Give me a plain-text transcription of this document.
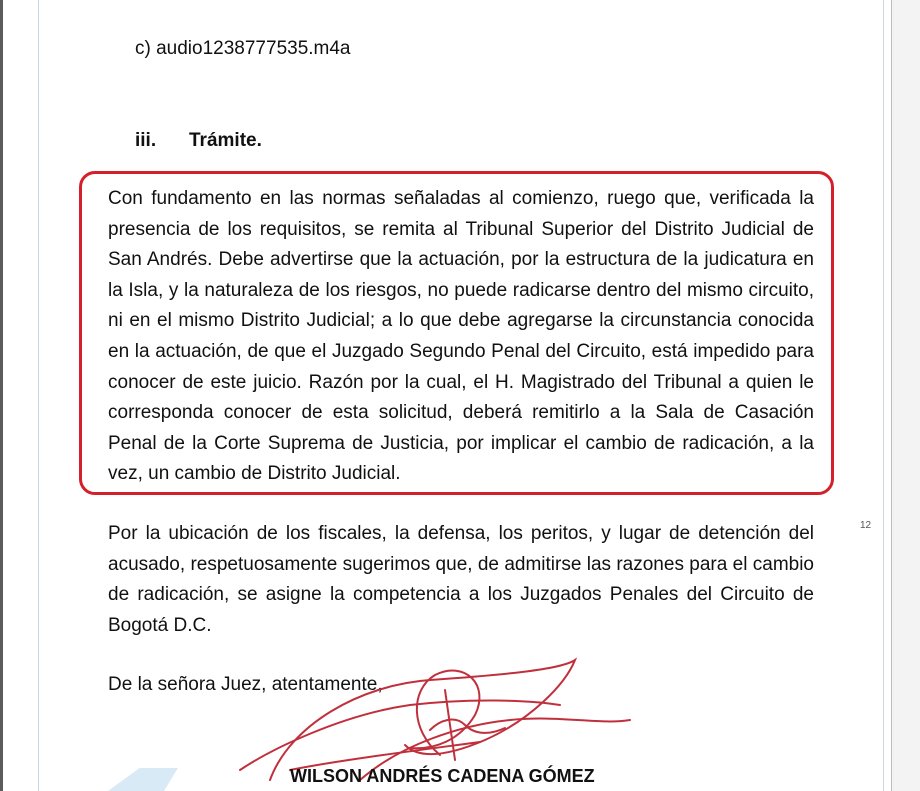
c) audio1238777535.m4a
iii. Trámite.

Con fundamento en las normas señaladas al comienzo, ruego que, verificada la presencia de los requisitos, se remita al Tribunal Superior del Distrito Judicial de San Andrés. Debe advertirse que la actuación, por la estructura de la judicatura en la Isla, y la naturaleza de los riesgos, no puede radicarse dentro del mismo circuito, ni en el mismo Distrito Judicial; a lo que debe agregarse la circunstancia conocida en la actuación, de que el Juzgado Segundo Penal del Circuito, está impedido para conocer de este juicio. Razón por la cual, el H. Magistrado del Tribunal a quien le corresponda conocer de esta solicitud, deberá remitirlo a la Sala de Casación Penal de la Corte Suprema de Justicia, por implicar el cambio de radicación, a la vez, un cambio de Distrito Judicial.

12

Por la ubicación de los fiscales, la defensa, los peritos, y lugar de detención del acusado, respetuosamente sugerimos que, de admitirse las razones para el cambio de radicación, se asigne la competencia a los Juzgados Penales del Circuito de Bogotá D.C.

De la señora Juez, atentamente,
WILSON ANDRÉS CADENA GÓMEZ
